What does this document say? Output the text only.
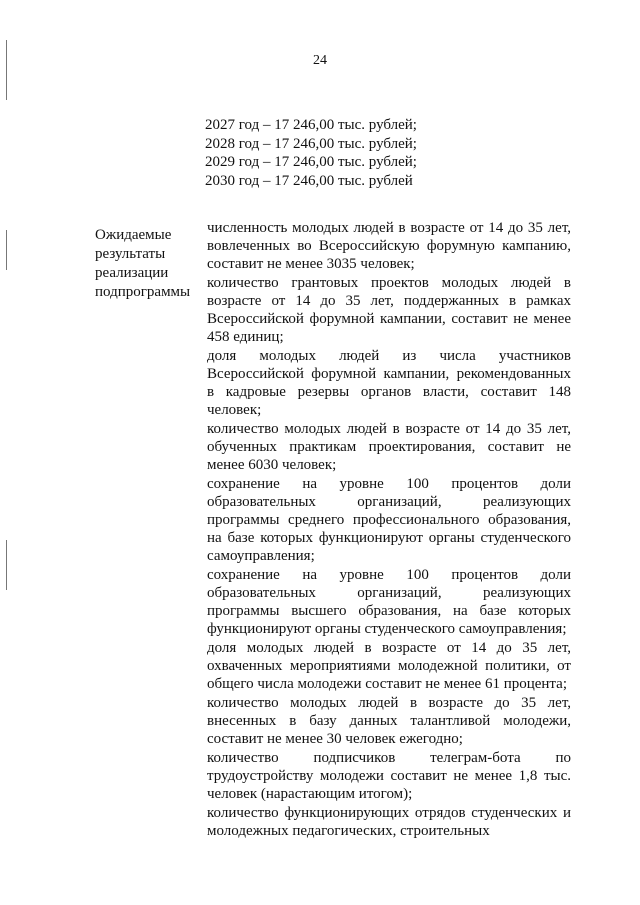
24
2027 год – 17 246,00 тыс. рублей;
2028 год – 17 246,00 тыс. рублей;
2029 год – 17 246,00 тыс. рублей;
2030 год – 17 246,00 тыс. рублей
Ожидаемые
результаты
реализации
подпрограммы

численность молодых людей в возрасте от 14 до 35 лет, вовлеченных во Всероссийскую форумную кампанию, составит не менее 3035 человек;

количество грантовых проектов молодых людей в возрасте от 14 до 35 лет, поддержанных в рамках Всероссийской форумной кампании, составит не менее 458 единиц;

доля молодых людей из числа участников Всероссийской форумной кампании, рекомендованных в кадровые резервы органов власти, составит 148 человек;

количество молодых людей в возрасте от 14 до 35 лет, обученных практикам проектирования, составит не менее 6030 человек;

сохранение на уровне 100 процентов доли образовательных организаций, реализующих программы среднего профессионального образования, на базе которых функционируют органы студенческого самоуправления;

сохранение на уровне 100 процентов доли образовательных организаций, реализующих программы высшего образования, на базе которых функционируют органы студенческого самоуправления;

доля молодых людей в возрасте от 14 до 35 лет, охваченных мероприятиями молодежной политики, от общего числа молодежи составит не менее 61 процента;

количество молодых людей в возрасте до 35 лет, внесенных в базу данных талантливой молодежи, составит не менее 30 человек ежегодно;

количество подписчиков телеграм-бота по трудоустройству молодежи составит не менее 1,8 тыс. человек (нарастающим итогом);

количество функционирующих отрядов студенческих и молодежных педагогических, строительных
